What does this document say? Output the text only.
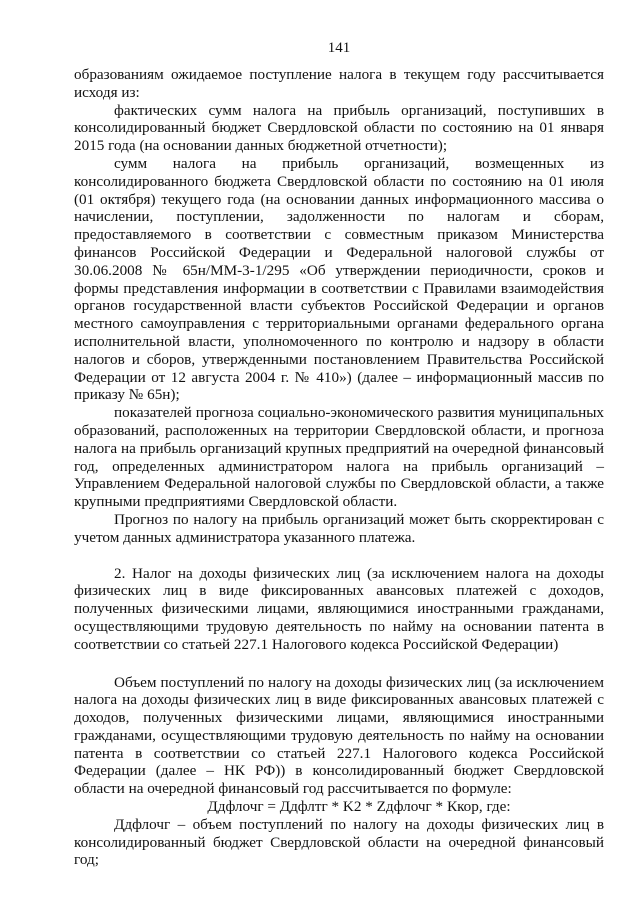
141

образованиям ожидаемое поступление налога в текущем году рассчитывается исходя из:

фактических сумм налога на прибыль организаций, поступивших в консолидированный бюджет Свердловской области по состоянию на 01 января 2015 года (на основании данных бюджетной отчетности);

сумм налога на прибыль организаций, возмещенных из консолидированного бюджета Свердловской области по состоянию на 01 июля (01 октября) текущего года (на основании данных информационного массива о начислении, поступлении, задолженности по налогам и сборам, предоставляемого в соответствии с совместным приказом Министерства финансов Российской Федерации и Федеральной налоговой службы от 30.06.2008 № 65н/ММ-3-1/295 «Об утверждении периодичности, сроков и формы представления информации в соответствии с Правилами взаимодействия органов государственной власти субъектов Российской Федерации и органов местного самоуправления с территориальными органами федерального органа исполнительной власти, уполномоченного по контролю и надзору в области налогов и сборов, утвержденными постановлением Правительства Российской Федерации от 12 августа 2004 г. № 410») (далее – информационный массив по приказу № 65н);

показателей прогноза социально-экономического развития муниципальных образований, расположенных на территории Свердловской области, и прогноза налога на прибыль организаций крупных предприятий на очередной финансовый год, определенных администратором налога на прибыль организаций – Управлением Федеральной налоговой службы по Свердловской области, а также крупными предприятиями Свердловской области.

Прогноз по налогу на прибыль организаций может быть скорректирован с учетом данных администратора указанного платежа.

2. Налог на доходы физических лиц (за исключением налога на доходы физических лиц в виде фиксированных авансовых платежей с доходов, полученных физическими лицами, являющимися иностранными гражданами, осуществляющими трудовую деятельность по найму на основании патента в соответствии со статьей 227.1 Налогового кодекса Российской Федерации)

Объем поступлений по налогу на доходы физических лиц (за исключением налога на доходы физических лиц в виде фиксированных авансовых платежей с доходов, полученных физическими лицами, являющимися иностранными гражданами, осуществляющими трудовую деятельность по найму на основании патента в соответствии со статьей 227.1 Налогового кодекса Российской Федерации (далее – НК РФ)) в консолидированный бюджет Свердловской области на очередной финансовый год рассчитывается по формуле:

Ддфлочг = Ддфлтг * K2 * Zдфлочг * Ккор, где:

Ддфлочг – объем поступлений по налогу на доходы физических лиц в консолидированный бюджет Свердловской области на очередной финансовый год;
